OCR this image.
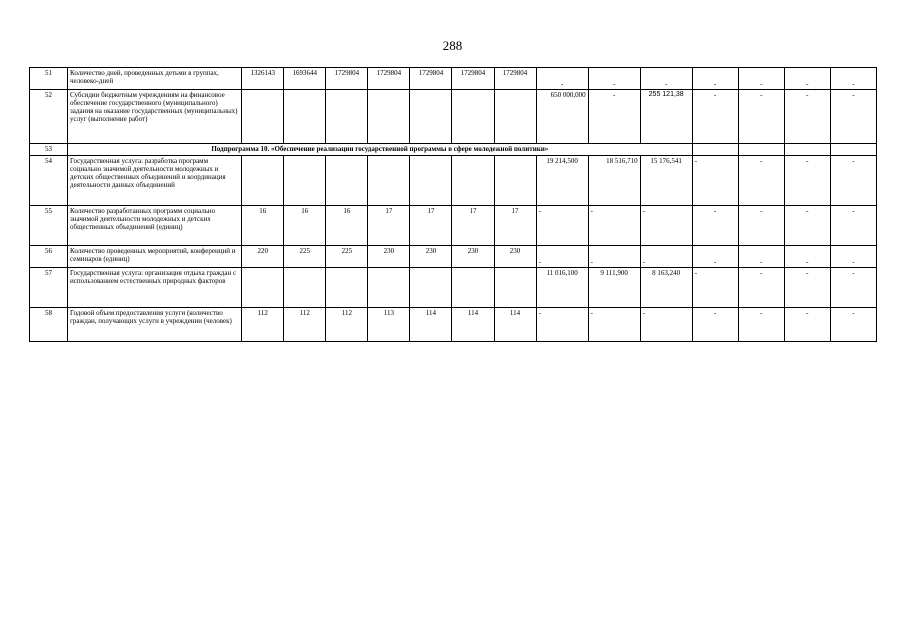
288
51	Количество дней, проведенных детьми в группах, человеко-дней	1326143	1693644	1729804	1729804	1729804	1729804	1729804	-	-	-	-	-	-	-
52	Субсидии бюджетным учреждениям на финансовое обеспечение государственного (муниципального) задания на оказание государственных (муниципальных) услуг (выполнение работ)								650 000,000	-	255 121,38	-	-	-	-
53	Подпрограмма 10. «Обеспечение реализации государственной программы в сфере молодежной политики»														
54	Государственная услуга: разработка программ социально значимой деятельности молодежных и детских общественных объединений и координация деятельности данных объединений								19 214,500	18 516,710	15 176,541	-	-	-	-
55	Количество разработанных программ социально значимой деятельности молодежных и детских общественных объединений (единиц)	16	16	16	17	17	17	17	-	-	-	-	-	-	-
56	Количество проведенных мероприятий, конференций и семинаров (единиц)	220	225	225	230	230	230	230	-	-	-	-	-	-	-
57	Государственная услуга: организация отдыха граждан с использованием естественных природных факторов								11 016,100	9 111,900	8 163,240	-	-	-	-
58	Годовой объем предоставления услуги (количество граждан, получающих услуги в учреждении (человек)	112	112	112	113	114	114	114	-	-	-	-	-	-	-
